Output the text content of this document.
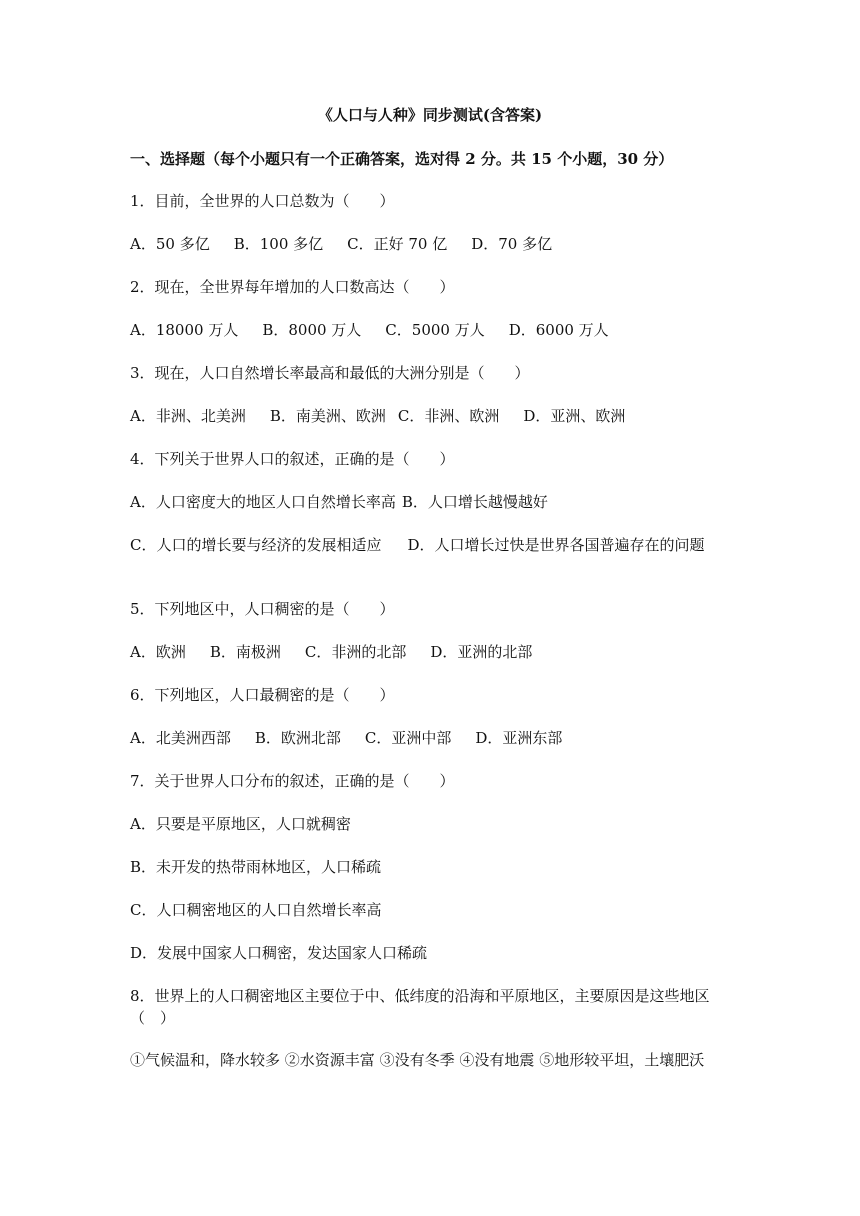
《人口与人种》同步测试(含答案)
一、选择题（每个小题只有一个正确答案，选对得 2 分。共 15 个小题，30 分）
1．目前，全世界的人口总数为（　　）
A．50 多亿 B．100 多亿 C．正好 70 亿 D．70 多亿
2．现在，全世界每年增加的人口数高达（　　）
A．18000 万人 B．8000 万人 C．5000 万人 D．6000 万人
3．现在，人口自然增长率最高和最低的大洲分别是（　　）
A．非洲、北美洲 B．南美洲、欧洲 C．非洲、欧洲 D．亚洲、欧洲
4．下列关于世界人口的叙述，正确的是（　　）
A．人口密度大的地区人口自然增长率高 B．人口增长越慢越好
C．人口的增长要与经济的发展相适应 D．人口增长过快是世界各国普遍存在的问题
5．下列地区中，人口稠密的是（　　）
A．欧洲 B．南极洲 C．非洲的北部 D．亚洲的北部
6．下列地区，人口最稠密的是（　　）
A．北美洲西部 B．欧洲北部 C．亚洲中部 D．亚洲东部
7．关于世界人口分布的叙述，正确的是（　　）
A．只要是平原地区，人口就稠密
B．未开发的热带雨林地区，人口稀疏
C．人口稠密地区的人口自然增长率高
D．发展中国家人口稠密，发达国家人口稀疏
8．世界上的人口稠密地区主要位于中、低纬度的沿海和平原地区，主要原因是这些地区（　）
①气候温和，降水较多 ②水资源丰富 ③没有冬季 ④没有地震 ⑤地形较平坦，土壤肥沃
